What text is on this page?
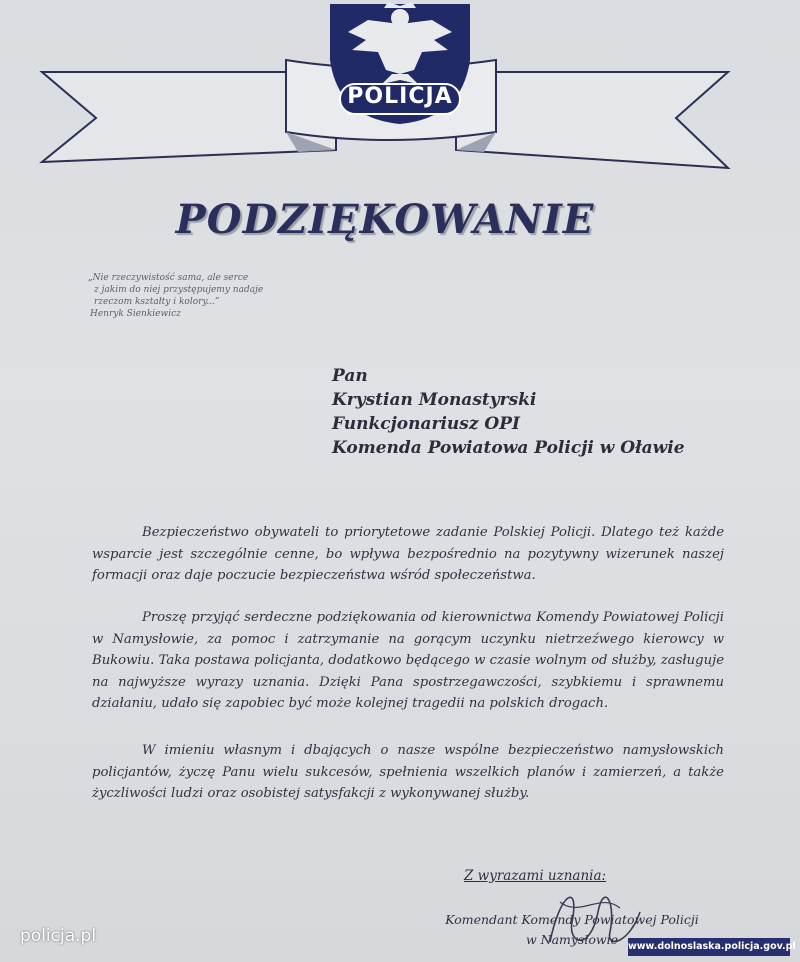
POLICJA
PODZIĘKOWANIE
„Nie rzeczywistość sama, ale serce
z jakim do niej przystępujemy nadaje
rzeczom kształty i kolory...”
Henryk Sienkiewicz
Pan
Krystian Monastyrski
Funkcjonariusz OPI
Komenda Powiatowa Policji w Oławie
Bezpieczeństwo obywateli to priorytetowe zadanie Polskiej Policji. Dlatego też każde wsparcie jest szczególnie cenne, bo wpływa bezpośrednio na pozytywny wizerunek naszej formacji oraz daje poczucie bezpieczeństwa wśród społeczeństwa.
Proszę przyjąć serdeczne podziękowania od kierownictwa Komendy Powiatowej Policji w Namysłowie, za pomoc i zatrzymanie na gorącym uczynku nietrzeźwego kierowcy w Bukowiu. Taka postawa policjanta, dodatkowo będącego w czasie wolnym od służby, zasługuje na najwyższe wyrazy uznania. Dzięki Pana spostrzegawczości, szybkiemu i sprawnemu działaniu, udało się zapobiec być może kolejnej tragedii na polskich drogach.
W imieniu własnym i dbających o nasze wspólne bezpieczeństwo namysłowskich policjantów, życzę Panu wielu sukcesów, spełnienia wszelkich planów i zamierzeń, a także życzliwości ludzi oraz osobistej satysfakcji z wykonywanej służby.
Z wyrazami uznania:
Komendant Komendy Powiatowej Policji
w Namysłowie
policja.pl
www.dolnoslaska.policja.gov.pl
